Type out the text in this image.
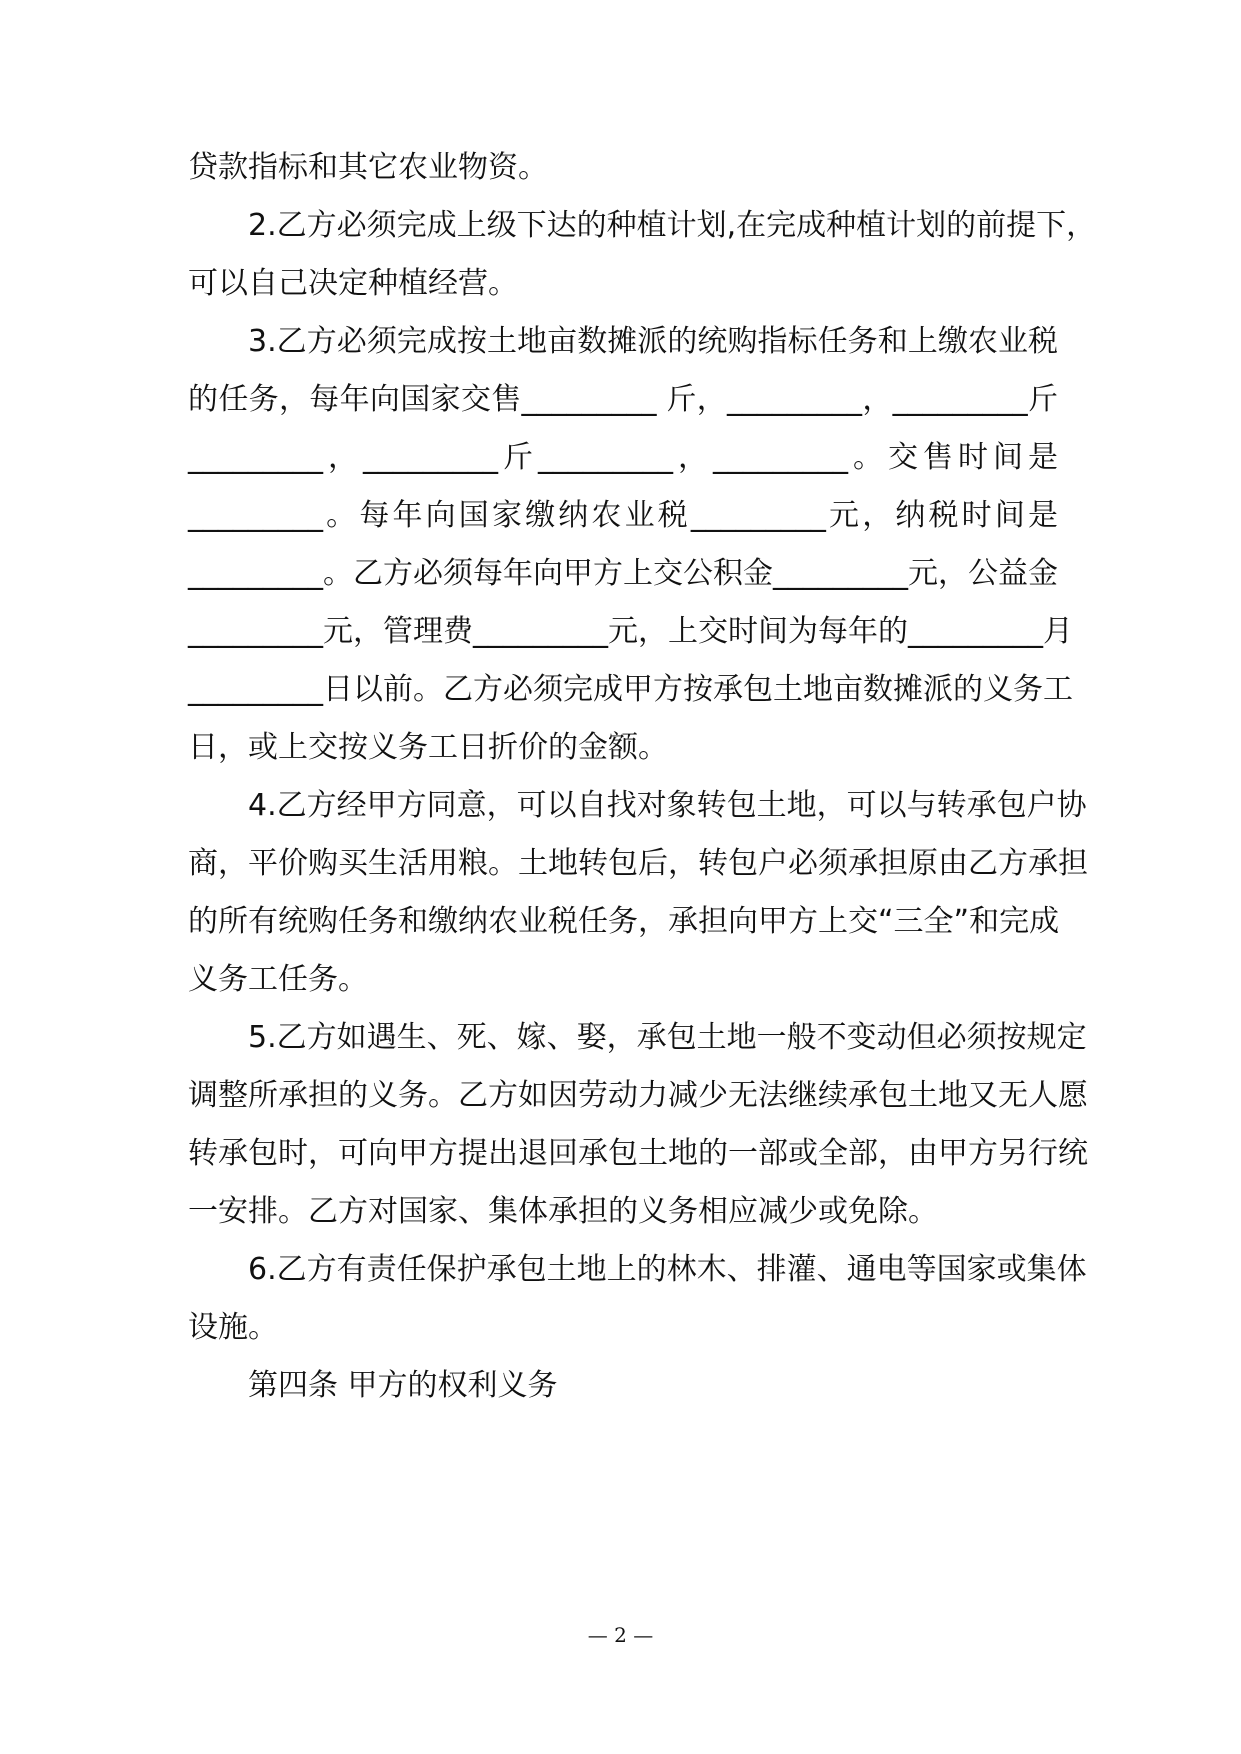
贷款指标和其它农业物资。
2.乙方必须完成上级下达的种植计划,在完成种植计划的前提下，
可以自己决定种植经营。
3.乙方必须完成按土地亩数摊派的统购指标任务和上缴农业税
的任务，每年向国家交售_________ 斤，_________，_________斤
_________，_________斤_________，_________。交售时间是
_________。每年向国家缴纳农业税_________元，纳税时间是
_________。乙方必须每年向甲方上交公积金_________元，公益金
_________元，管理费_________元，上交时间为每年的_________月
_________日以前。乙方必须完成甲方按承包土地亩数摊派的义务工
日，或上交按义务工日折价的金额。
4.乙方经甲方同意，可以自找对象转包土地，可以与转承包户协
商，平价购买生活用粮。土地转包后，转包户必须承担原由乙方承担
的所有统购任务和缴纳农业税任务，承担向甲方上交“三全”和完成
义务工任务。
5.乙方如遇生、死、嫁、娶，承包土地一般不变动但必须按规定
调整所承担的义务。乙方如因劳动力减少无法继续承包土地又无人愿
转承包时，可向甲方提出退回承包土地的一部或全部，由甲方另行统
一安排。乙方对国家、集体承担的义务相应减少或免除。
6.乙方有责任保护承包土地上的林木、排灌、通电等国家或集体
设施。
第四条 甲方的权利义务
— 2 —
